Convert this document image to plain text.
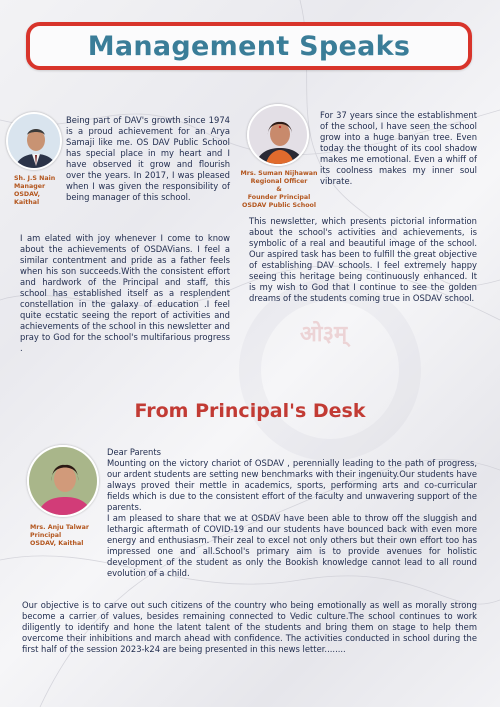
ओ३म्
Management Speaks
Sh. J.S Nain
Manager
OSDAV,
Kaithal

Being part of DAV's growth since 1974 is a proud achievement for an Arya Samaji like me. OS DAV Public School has special place in my heart and I have observed it grow and flourish over the years. In 2017, I was pleased when I was given the responsibility of being manager of this school.

I am elated with joy whenever I come to know about the achievements of OSDAVians. I feel a similar contentment and pride as a father feels when his son succeeds.With the consistent effort and hardwork of the Principal and staff, this school has established itself as a resplendent constellation in the galaxy of education .I feel quite ecstatic seeing the report of activities and achievements of the school in this newsletter and pray to God for the school's multifarious progress .

Mrs. Suman Nijhawan
Regional Officer
&
Founder Principal
OSDAV Public School

For 37 years since the establishment of the school, I have seen the school grow into a huge banyan tree. Even today the thought of its cool shadow makes me emotional. Even a whiff of its coolness makes my inner soul vibrate.

This newsletter, which presents pictorial information about the school's activities and achievements, is symbolic of a real and beautiful image of the school. Our aspired task has been to fulfill the great objective of establishing DAV schools. I feel extremely happy seeing this heritage being continuously enhanced. It is my wish to God that I continue to see the golden dreams of the students coming true in OSDAV school.

From Principal's Desk
Mrs. Anju Talwar
Principal
OSDAV, Kaithal

Dear Parents

Mounting on the victory chariot of OSDAV , perennially leading to the path of progress, our ardent students are setting new benchmarks with their ingenuity.Our students have always proved their mettle in academics, sports, performing arts and co-curricular fields which is due to the consistent effort of the faculty and unwavering support of the parents.

I am pleased to share that we at OSDAV have been able to throw off the sluggish and lethargic aftermath of COVID-19 and our students have bounced back with even more energy and enthusiasm. Their zeal to excel not only others but their own effort too has impressed one and all.School's primary aim is to provide avenues for holistic development of the student as only the Bookish knowledge cannot lead to all round evolution of a child.

Our objective is to carve out such citizens of the country who being emotionally as well as morally strong become a carrier of values, besides remaining connected to Vedic culture.The school continues to work diligently to identify and hone the latent talent of the students and bring them on stage to help them overcome their inhibitions and march ahead with confidence. The activities conducted in school during the first half of the session 2023-k24 are being presented in this news letter........
